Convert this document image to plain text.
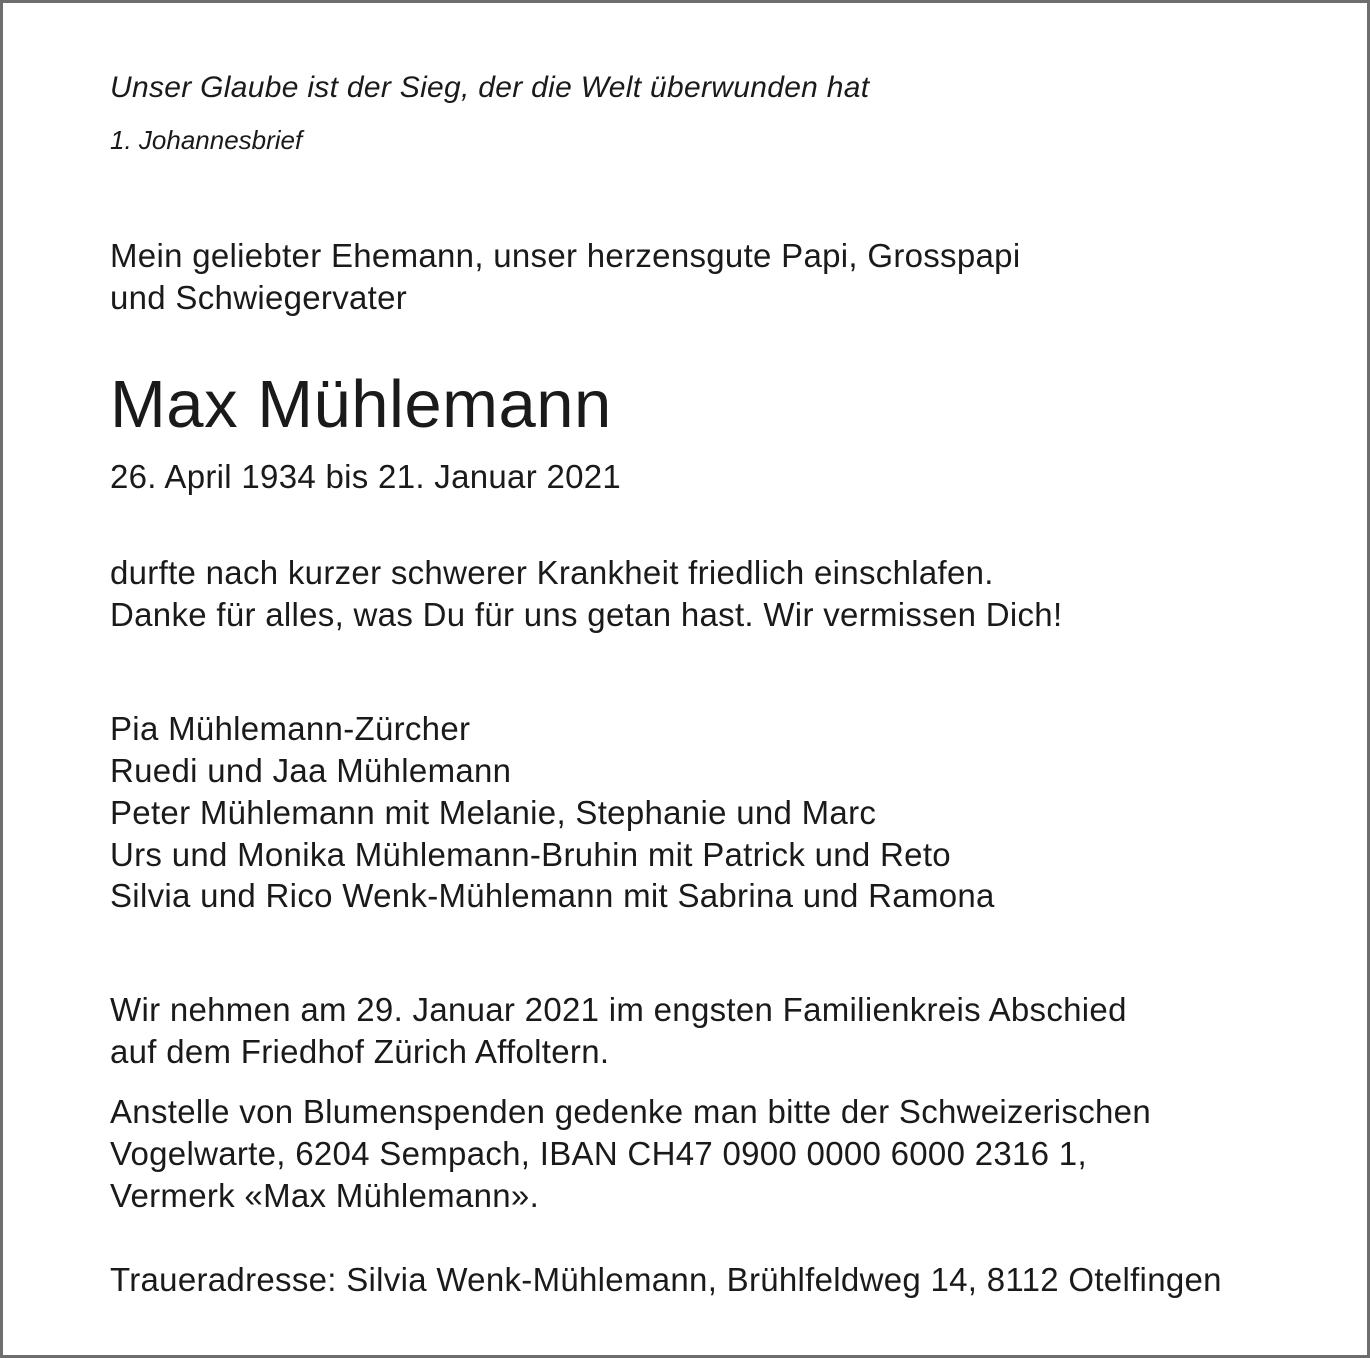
Unser Glaube ist der Sieg, der die Welt überwunden hat
1. Johannesbrief
Mein geliebter Ehemann, unser herzensgute Papi, Grosspapi
und Schwiegervater
Max Mühlemann
26. April 1934 bis 21. Januar 2021
durfte nach kurzer schwerer Krankheit friedlich einschlafen.
Danke für alles, was Du für uns getan hast. Wir vermissen Dich!
Pia Mühlemann-Zürcher
Ruedi und Jaa Mühlemann
Peter Mühlemann mit Melanie, Stephanie und Marc
Urs und Monika Mühlemann-Bruhin mit Patrick und Reto
Silvia und Rico Wenk-Mühlemann mit Sabrina und Ramona
Wir nehmen am 29. Januar 2021 im engsten Familienkreis Abschied
auf dem Friedhof Zürich Affoltern.
Anstelle von Blumenspenden gedenke man bitte der Schweizerischen
Vogelwarte, 6204 Sempach, IBAN CH47 0900 0000 6000 2316 1,
Vermerk «Max Mühlemann».
Traueradresse: Silvia Wenk-Mühlemann, Brühlfeldweg 14, 8112 Otelfingen
